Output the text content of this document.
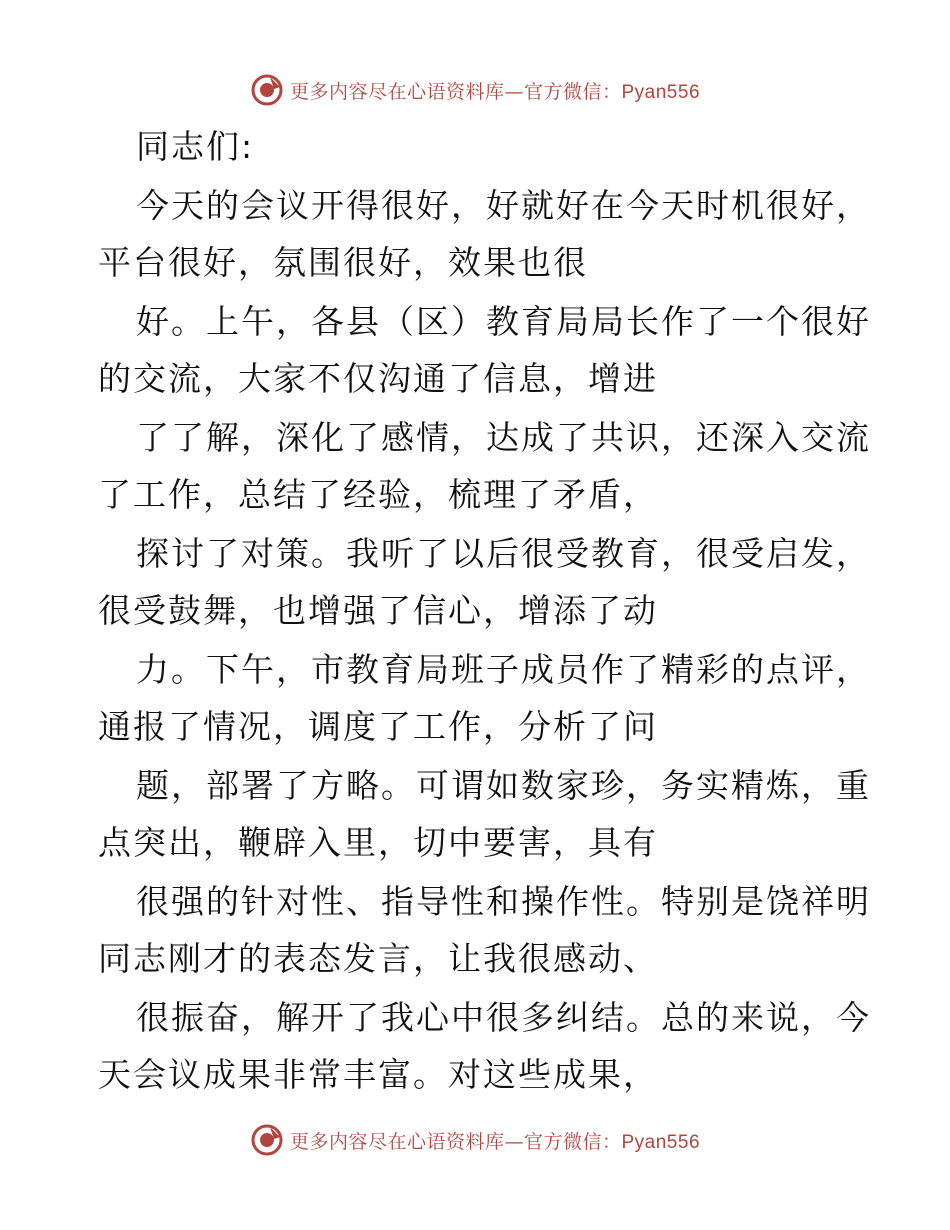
更多内容尽在心语资料库—官方微信：Pyan556
同志们:
今天的会议开得很好，好就好在今天时机很好，
平台很好，氛围很好，效果也很
好。上午，各县（区）教育局局长作了一个很好
的交流，大家不仅沟通了信息，增进
了了解，深化了感情，达成了共识，还深入交流
了工作，总结了经验，梳理了矛盾，
探讨了对策。我听了以后很受教育，很受启发，
很受鼓舞，也增强了信心，增添了动
力。下午，市教育局班子成员作了精彩的点评，
通报了情况，调度了工作，分析了问
题，部署了方略。可谓如数家珍，务实精炼，重
点突出，鞭辟入里，切中要害，具有
很强的针对性、指导性和操作性。特别是饶祥明
同志刚才的表态发言，让我很感动、
很振奋，解开了我心中很多纠结。总的来说，今
天会议成果非常丰富。对这些成果，
更多内容尽在心语资料库—官方微信：Pyan556
